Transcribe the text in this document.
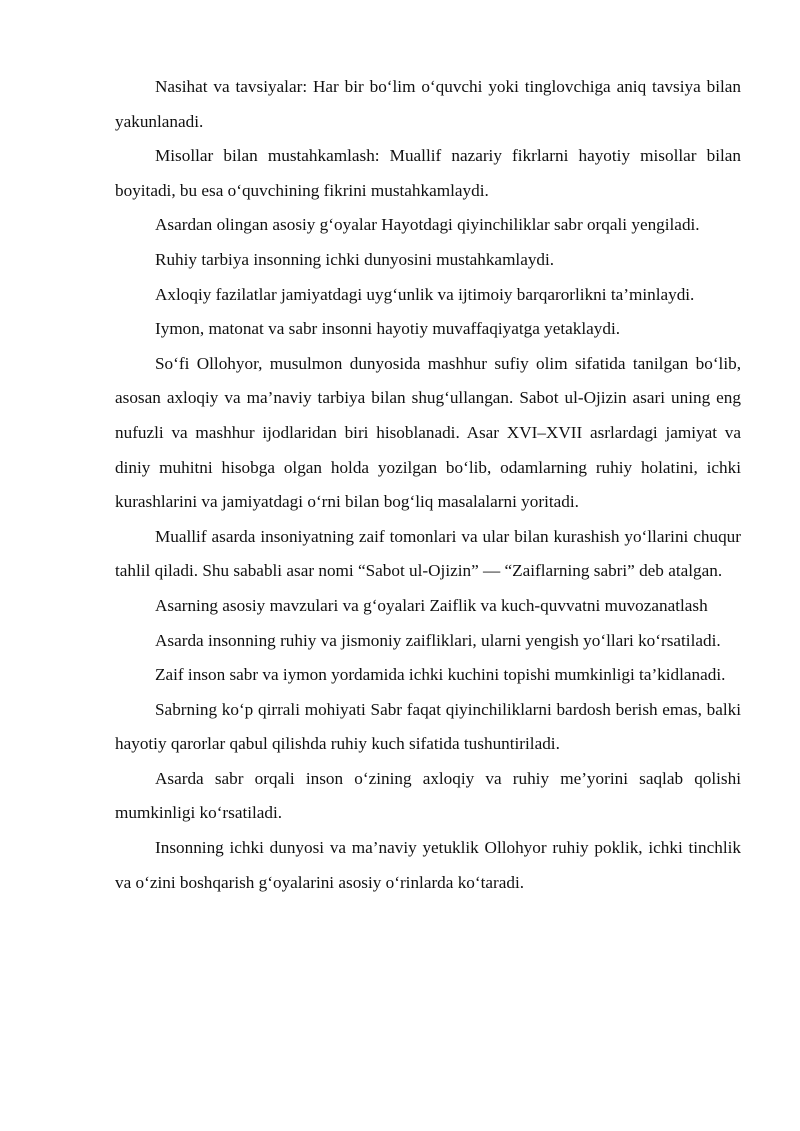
Nasihat va tavsiyalar: Har bir bo‘lim o‘quvchi yoki tinglovchiga aniq tavsiya bilan yakunlanadi.

Misollar bilan mustahkamlash: Muallif nazariy fikrlarni hayotiy misollar bilan boyitadi, bu esa o‘quvchining fikrini mustahkamlaydi.

Asardan olingan asosiy g‘oyalar Hayotdagi qiyinchiliklar sabr orqali yengiladi.

Ruhiy tarbiya insonning ichki dunyosini mustahkamlaydi.

Axloqiy fazilatlar jamiyatdagi uyg‘unlik va ijtimoiy barqarorlikni ta’minlaydi.

Iymon, matonat va sabr insonni hayotiy muvaffaqiyatga yetaklaydi.

So‘fi Ollohyor, musulmon dunyosida mashhur sufiy olim sifatida tanilgan bo‘lib, asosan axloqiy va ma’naviy tarbiya bilan shug‘ullangan. Sabot ul-Ojizin asari uning eng nufuzli va mashhur ijodlaridan biri hisoblanadi. Asar XVI–XVII asrlardagi jamiyat va diniy muhitni hisobga olgan holda yozilgan bo‘lib, odamlarning ruhiy holatini, ichki kurashlarini va jamiyatdagi o‘rni bilan bog‘liq masalalarni yoritadi.

Muallif asarda insoniyatning zaif tomonlari va ular bilan kurashish yo‘llarini chuqur tahlil qiladi. Shu sababli asar nomi “Sabot ul-Ojizin” — “Zaiflarning sabri” deb atalgan.

Asarning asosiy mavzulari va g‘oyalari Zaiflik va kuch-quvvatni muvozanatlash

Asarda insonning ruhiy va jismoniy zaifliklari, ularni yengish yo‘llari ko‘rsatiladi.

Zaif inson sabr va iymon yordamida ichki kuchini topishi mumkinligi ta’kidlanadi.

Sabrning ko‘p qirrali mohiyati Sabr faqat qiyinchiliklarni bardosh berish emas, balki hayotiy qarorlar qabul qilishda ruhiy kuch sifatida tushuntiriladi.

Asarda sabr orqali inson o‘zining axloqiy va ruhiy me’yorini saqlab qolishi mumkinligi ko‘rsatiladi.

Insonning ichki dunyosi va ma’naviy yetuklik Ollohyor ruhiy poklik, ichki tinchlik va o‘zini boshqarish g‘oyalarini asosiy o‘rinlarda ko‘taradi.
